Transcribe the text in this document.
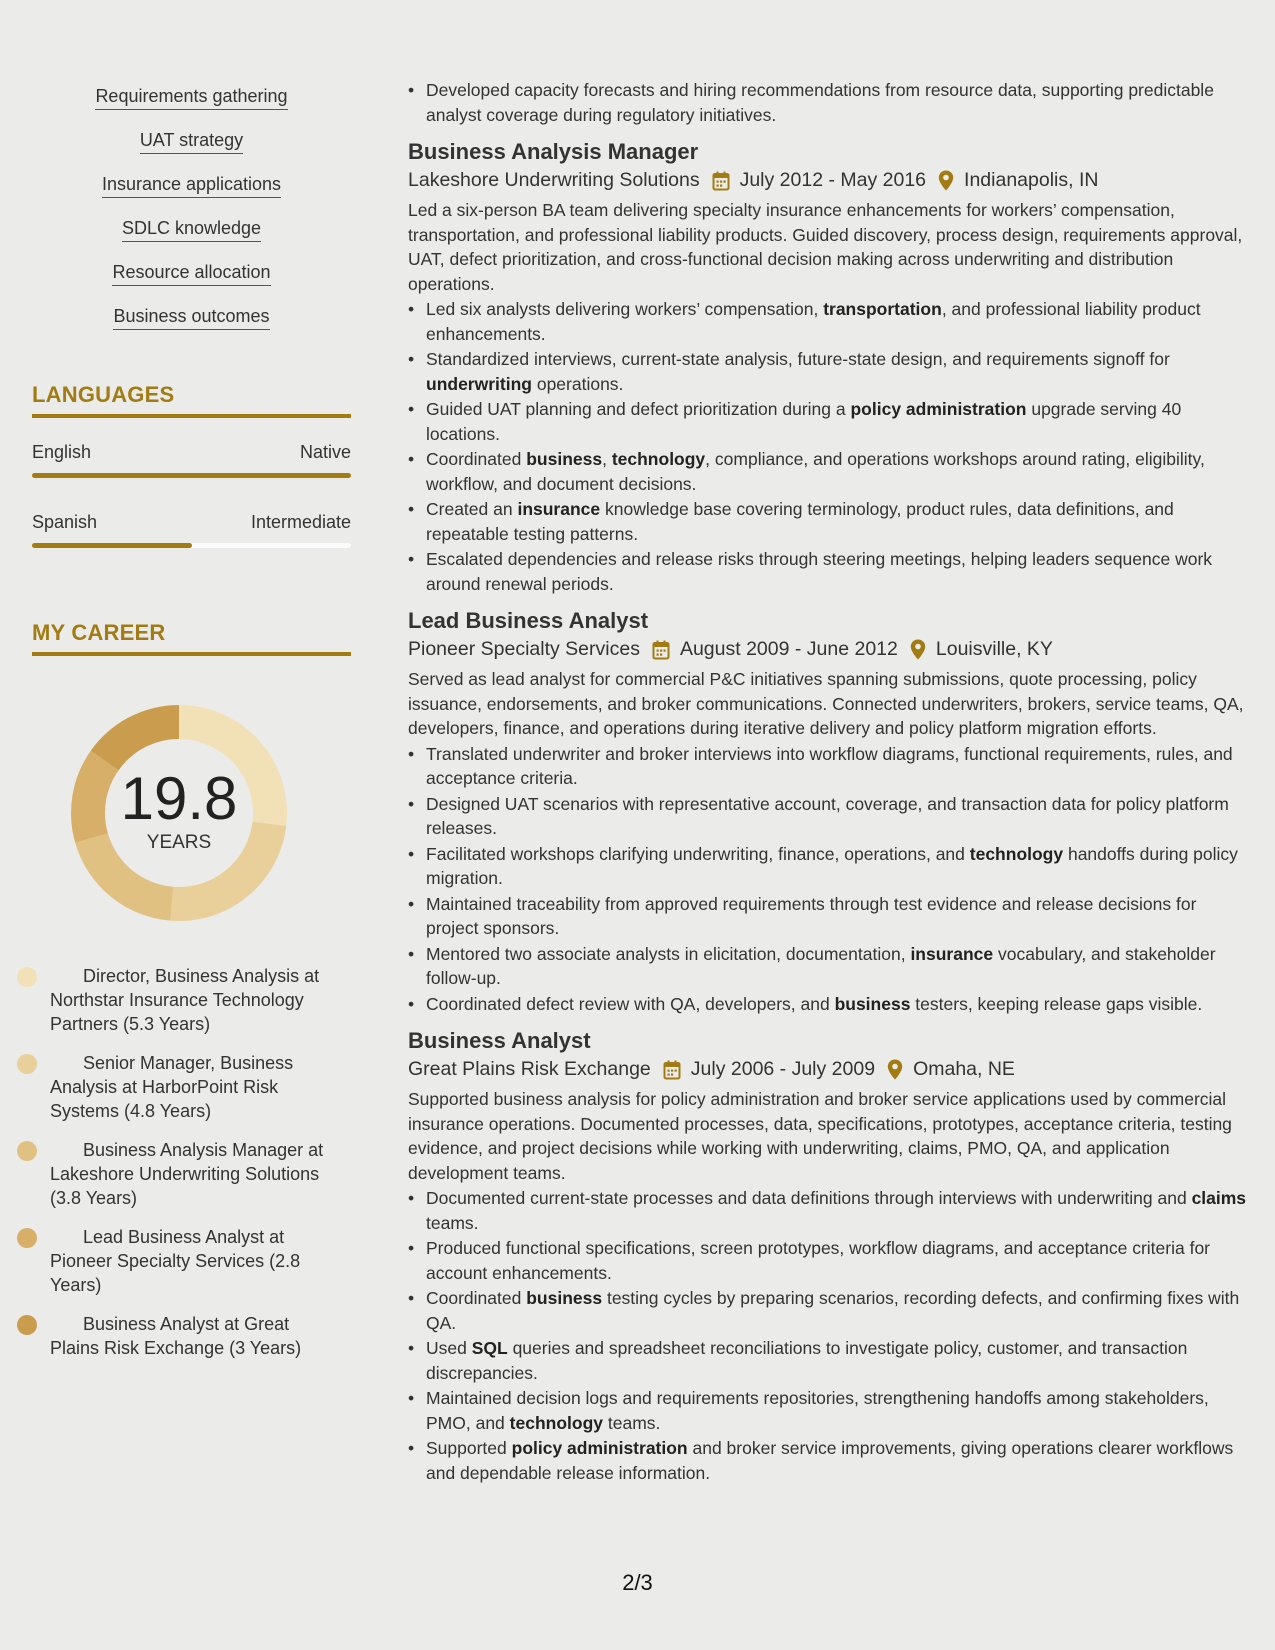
Requirements gathering
UAT strategy
Insurance applications
SDLC knowledge
Resource allocation
Business outcomes
LANGUAGES
English	Native
Spanish	Intermediate
MY CAREER
19.8
YEARS
Director, Business Analysis at Northstar Insurance Technology Partners (5.3 Years)
Senior Manager, Business Analysis at HarborPoint Risk Systems (4.8 Years)
Business Analysis Manager at Lakeshore Underwriting Solutions (3.8 Years)
Lead Business Analyst at Pioneer Specialty Services (2.8 Years)
Business Analyst at Great Plains Risk Exchange (3 Years)
• Developed capacity forecasts and hiring recommendations from resource data, supporting predictable analyst coverage during regulatory initiatives.
Business Analysis Manager
Lakeshore Underwriting Solutions July 2012 - May 2016 Indianapolis, IN

Led a six-person BA team delivering specialty insurance enhancements for workers’ compensation, transportation, and professional liability products. Guided discovery, process design, requirements approval, UAT, defect prioritization, and cross-functional decision making across underwriting and distribution operations.

• Led six analysts delivering workers’ compensation, transportation, and professional liability product enhancements.
• Standardized interviews, current-state analysis, future-state design, and requirements signoff for underwriting operations.
• Guided UAT planning and defect prioritization during a policy administration upgrade serving 40 locations.
• Coordinated business, technology, compliance, and operations workshops around rating, eligibility, workflow, and document decisions.
• Created an insurance knowledge base covering terminology, product rules, data definitions, and repeatable testing patterns.
• Escalated dependencies and release risks through steering meetings, helping leaders sequence work around renewal periods.
Lead Business Analyst
Pioneer Specialty Services August 2009 - June 2012 Louisville, KY

Served as lead analyst for commercial P&C initiatives spanning submissions, quote processing, policy issuance, endorsements, and broker communications. Connected underwriters, brokers, service teams, QA, developers, finance, and operations during iterative delivery and policy platform migration efforts.

• Translated underwriter and broker interviews into workflow diagrams, functional requirements, rules, and acceptance criteria.
• Designed UAT scenarios with representative account, coverage, and transaction data for policy platform releases.
• Facilitated workshops clarifying underwriting, finance, operations, and technology handoffs during policy migration.
• Maintained traceability from approved requirements through test evidence and release decisions for project sponsors.
• Mentored two associate analysts in elicitation, documentation, insurance vocabulary, and stakeholder follow-up.
• Coordinated defect review with QA, developers, and business testers, keeping release gaps visible.
Business Analyst
Great Plains Risk Exchange July 2006 - July 2009 Omaha, NE

Supported business analysis for policy administration and broker service applications used by commercial insurance operations. Documented processes, data, specifications, prototypes, acceptance criteria, testing evidence, and project decisions while working with underwriting, claims, PMO, QA, and application development teams.

• Documented current-state processes and data definitions through interviews with underwriting and claims teams.
• Produced functional specifications, screen prototypes, workflow diagrams, and acceptance criteria for account enhancements.
• Coordinated business testing cycles by preparing scenarios, recording defects, and confirming fixes with QA.
• Used SQL queries and spreadsheet reconciliations to investigate policy, customer, and transaction discrepancies.
• Maintained decision logs and requirements repositories, strengthening handoffs among stakeholders, PMO, and technology teams.
• Supported policy administration and broker service improvements, giving operations clearer workflows and dependable release information.
2/3
